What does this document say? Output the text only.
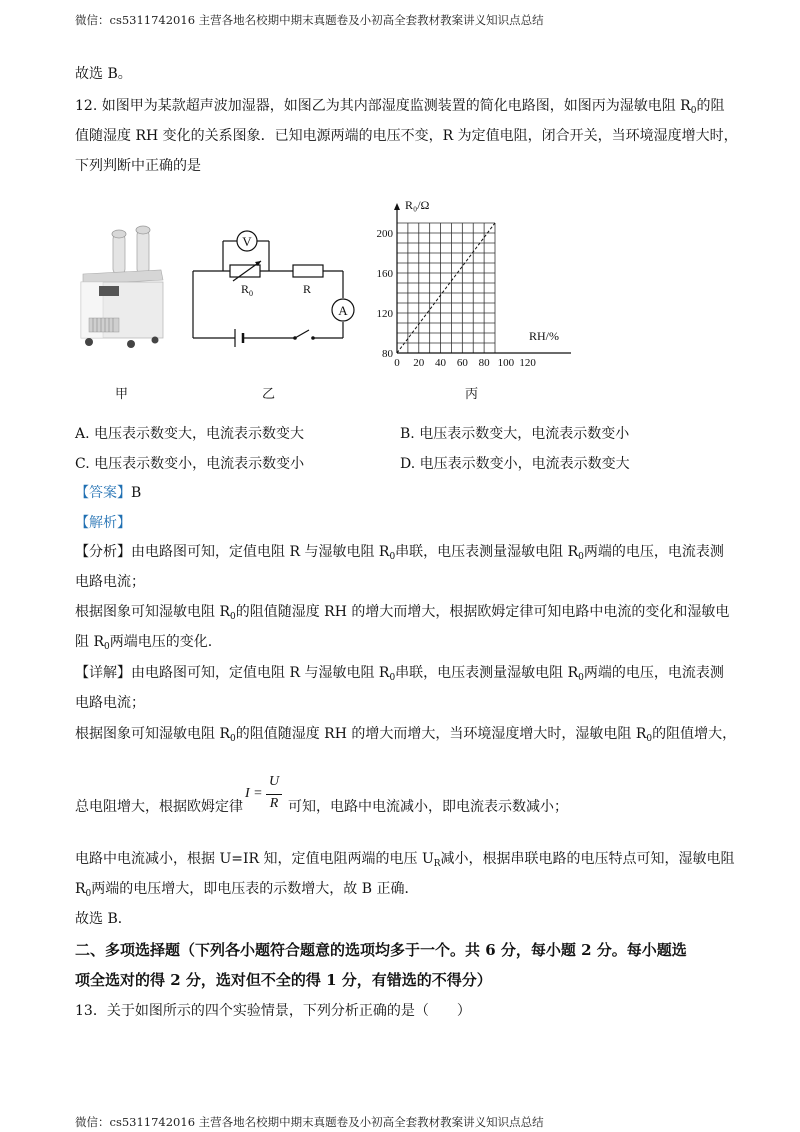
微信：cs5311742016 主营各地名校期中期末真题卷及小初高全套教材教案讲义知识点总结
故选 B。
12. 如图甲为某款超声波加湿器，如图乙为其内部湿度监测装置的简化电路图，如图丙为湿敏电阻 $R_0$的阻
值随湿度 RH 变化的关系图象．已知电源两端的电压不变，R 为定值电阻，闭合开关，当环境湿度增大时，
下列判断中正确的是
V
A
$R_0$	R
R₀/Ω
RH/%
0 20 40 60 80 100 120
80
120
160
200
甲	乙	丙
A. 电压表示数变大，电流表示数变大	B. 电压表示数变大，电流表示数变小
C. 电压表示数变小，电流表示数变小	D. 电压表示数变小，电流表示数变大
【答案】B
【解析】
【分析】由电路图可知，定值电阻 R 与湿敏电阻 $R_0$串联，电压表测量湿敏电阻 $R_0$两端的电压，电流表测
电路电流；
根据图象可知湿敏电阻 $R_0$的阻值随湿度 RH 的增大而增大，根据欧姆定律可知电路中电流的变化和湿敏电
阻 $R_0$两端电压的变化.
【详解】由电路图可知，定值电阻 R 与湿敏电阻 $R_0$串联，电压表测量湿敏电阻 $R_0$两端的电压，电流表测
电路电流；
根据图象可知湿敏电阻 $R_0$的阻值随湿度 RH 的增大而增大，当环境湿度增大时，湿敏电阻 $R_0$的阻值增大，
总电阻增大，根据欧姆定律
I =
U
R 可知，电路中电流减小，即电流表示数减小；
电路中电流减小，根据 U=IR 知，定值电阻两端的电压 $U_R$减小，根据串联电路的电压特点可知，湿敏电阻
$R_0$两端的电压增大，即电压表的示数增大，故 B 正确．
故选 B．
二、多项选择题（下列各小题符合题意的选项均多于一个。共 6 分，每小题 2 分。每小题选
项全选对的得 2 分，选对但不全的得 1 分，有错选的不得分）
13．关于如图所示的四个实验情景，下列分析正确的是（　　）
微信：cs5311742016 主营各地名校期中期末真题卷及小初高全套教材教案讲义知识点总结
